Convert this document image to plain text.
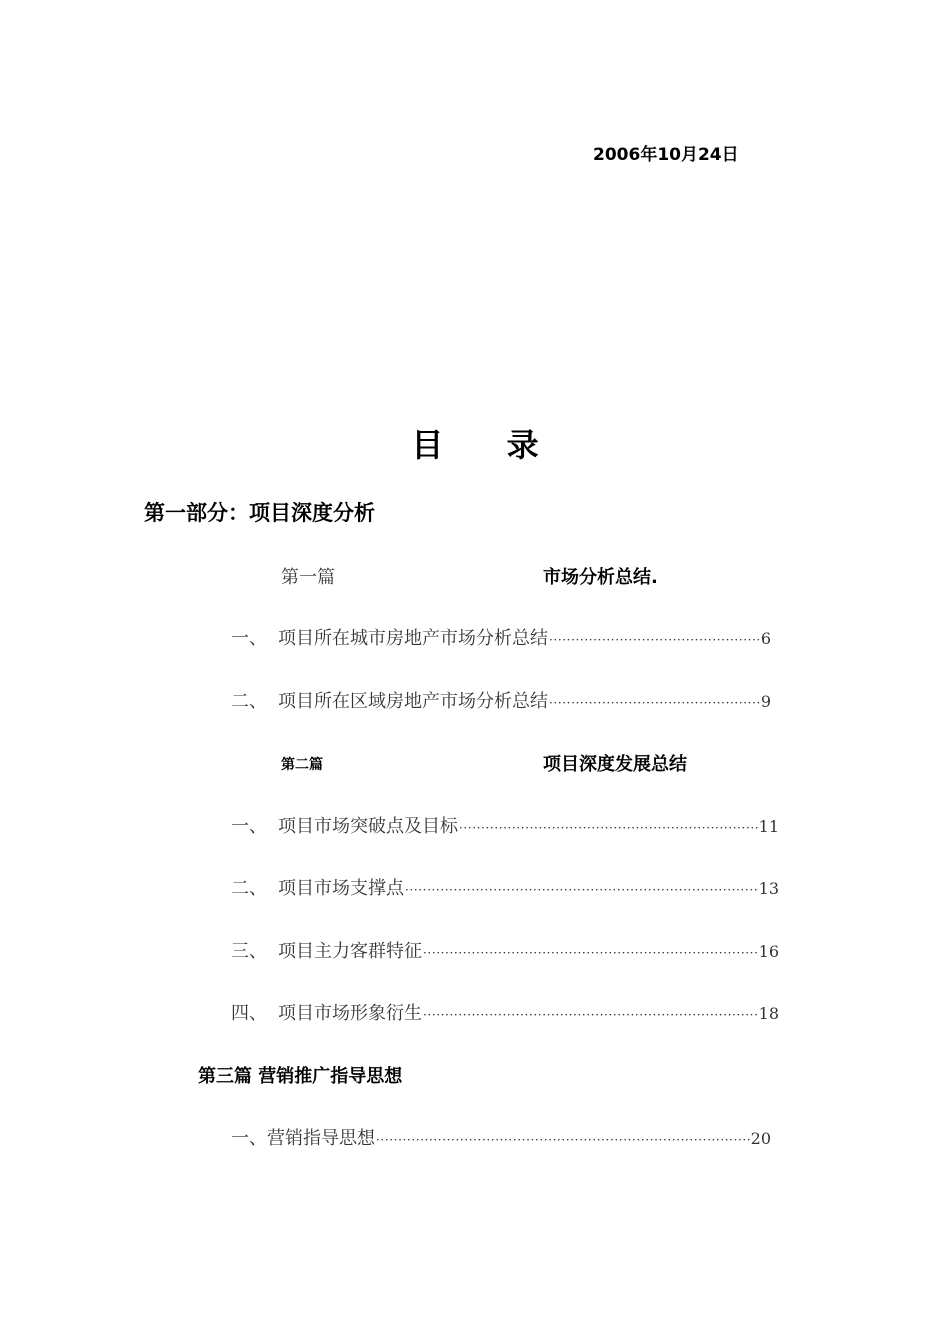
2006年10月24日
目 录
第一部分：项目深度分析
第一篇	市场分析总结.
一、 项目所在城市房地产市场分析总结 ·····	6
二、 项目所在区域房地产市场分析总结 ·····	9
第二篇	项目深度发展总结
一、 项目市场突破点及目标 ·····	11
二、 项目市场支撑点 ·····	13
三、 项目主力客群特征 ·····	16
四、 项目市场形象衍生 ·····	18
第三篇 营销推广指导思想
一、 营销指导思想 ·····	20
